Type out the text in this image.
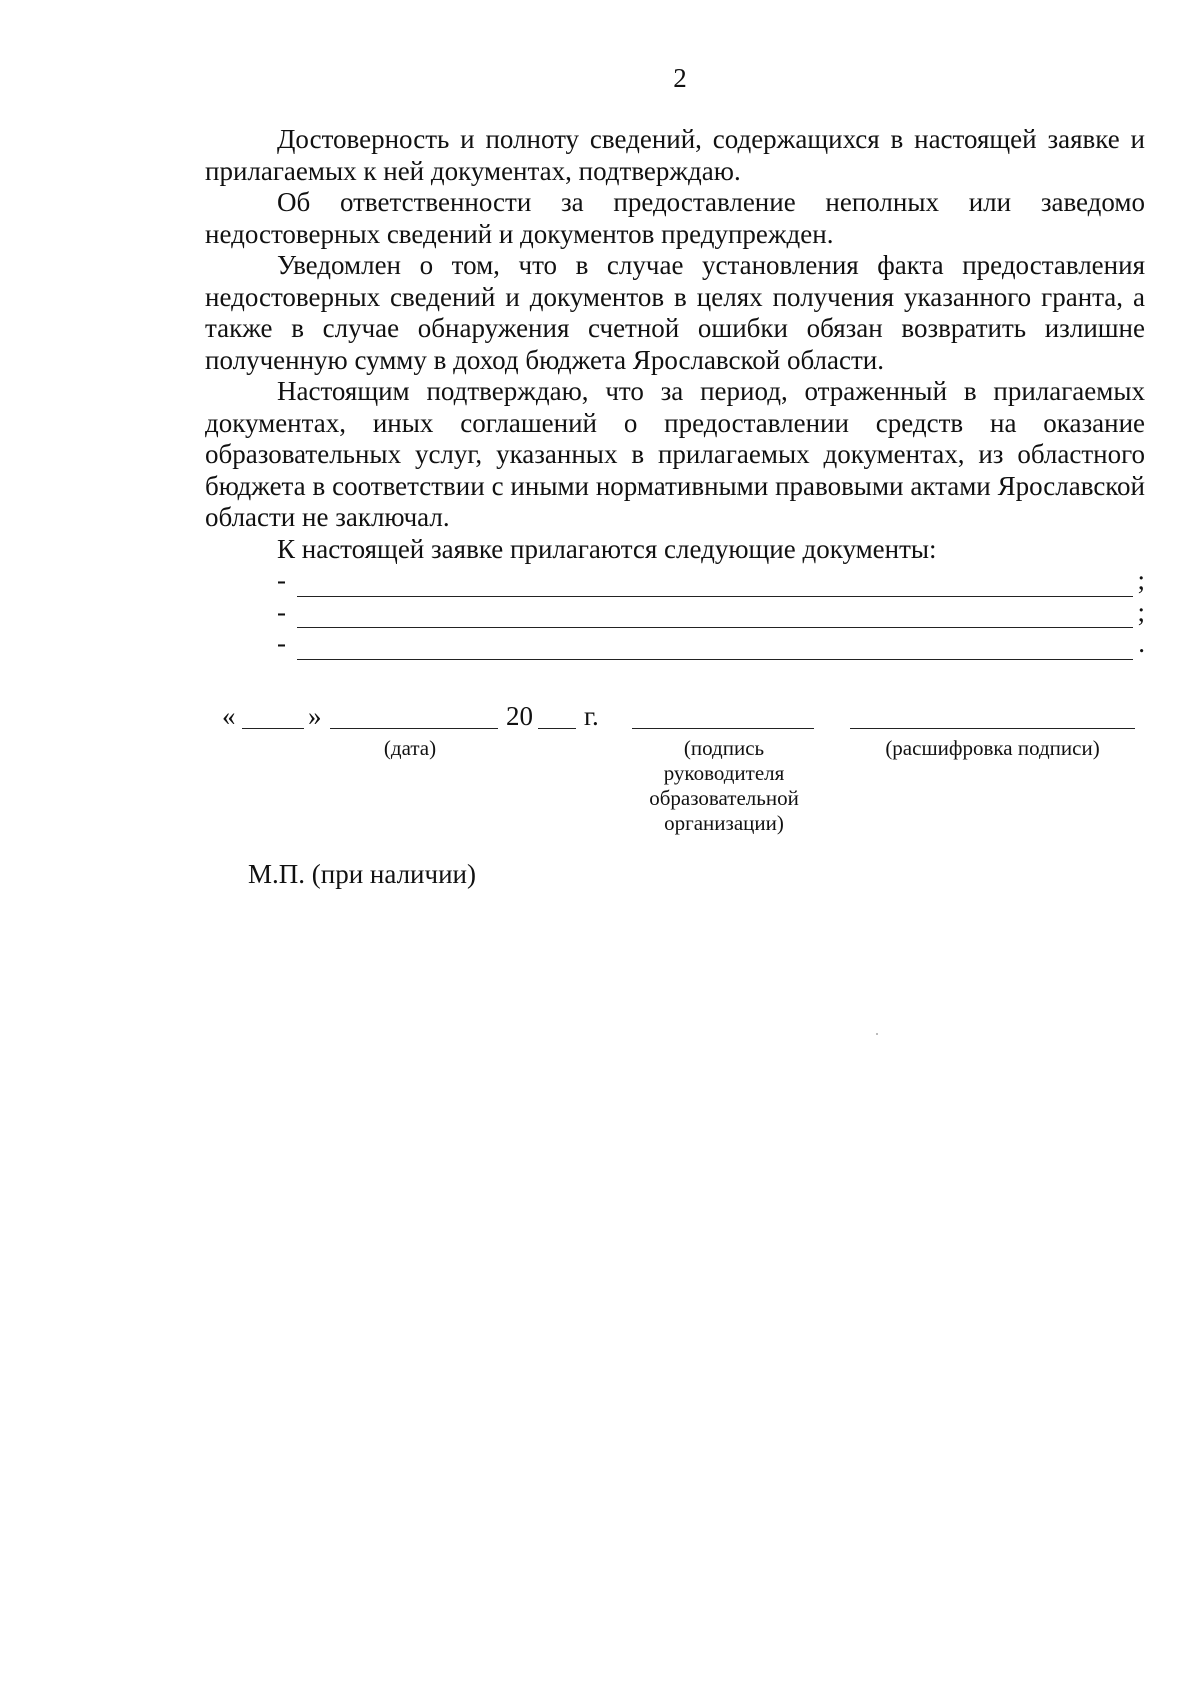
2

Достоверность и полноту сведений, содержащихся в настоящей заявке и прилагаемых к ней документах, подтверждаю.

Об ответственности за предоставление неполных или заведомо недостоверных сведений и документов предупрежден.

Уведомлен о том, что в случае установления факта предоставления недостоверных сведений и документов в целях получения указанного гранта, а также в случае обнаружения счетной ошибки обязан возвратить излишне полученную сумму в доход бюджета Ярославской области.

Настоящим подтверждаю, что за период, отраженный в прилагаемых документах, иных соглашений о предоставлении средств на оказание образовательных услуг, указанных в прилагаемых документах, из областного бюджета в соответствии с иными нормативными правовыми актами Ярославской области не заключал.

К настоящей заявке прилагаются следующие документы:

-	;
-	;
-	.
«	»	20 г.
(дата)	(подпись руководителя образовательной организации)
(расшифровка подписи)
М.П. (при наличии)
